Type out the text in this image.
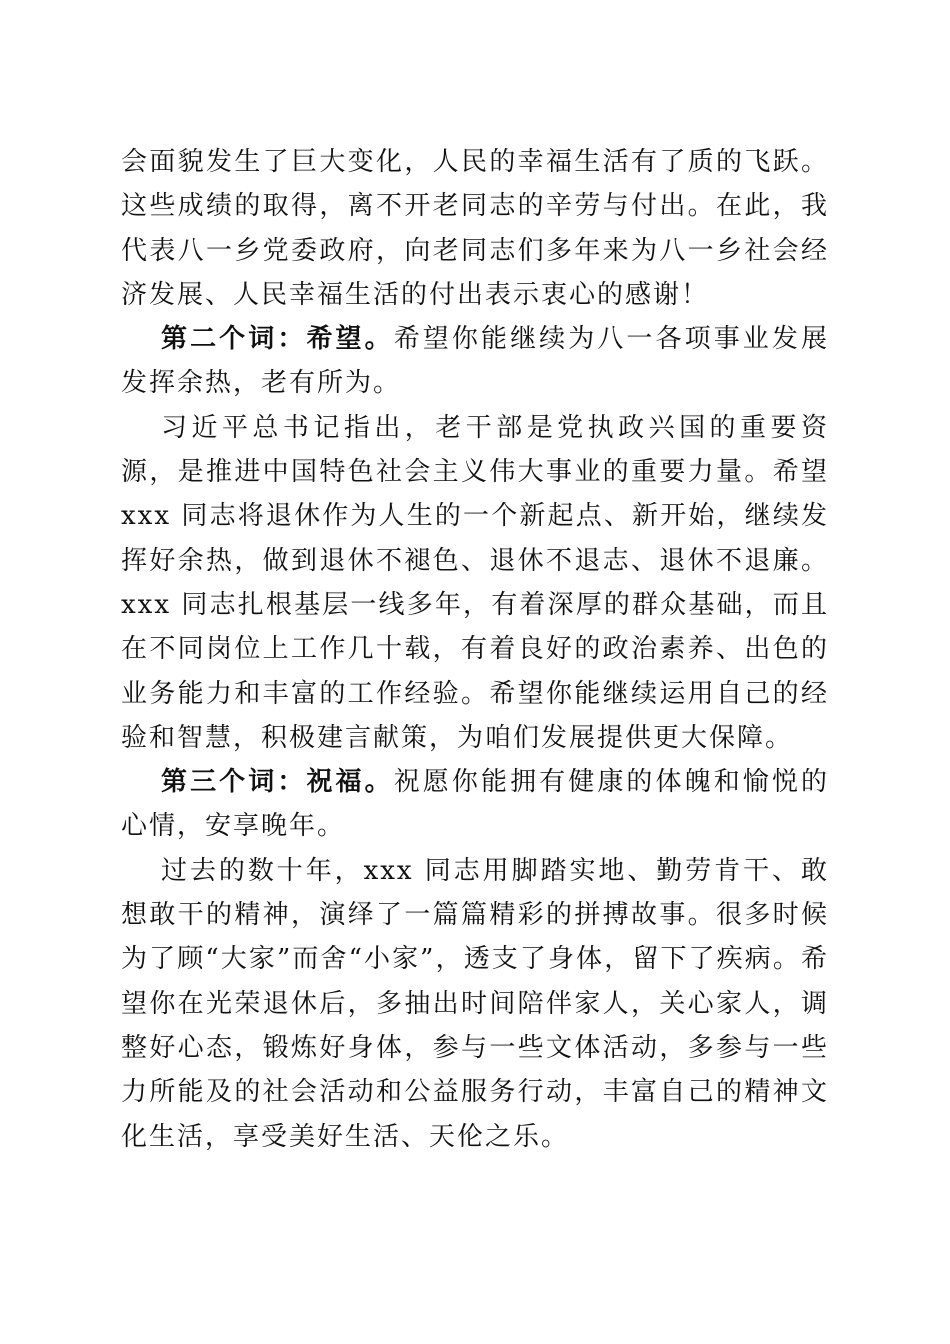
会面貌发生了巨大变化，人民的幸福生活有了质的飞跃。这些成绩的取得，离不开老同志的辛劳与付出。在此，我代表八一乡党委政府，向老同志们多年来为八一乡社会经济发展、人民幸福生活的付出表示衷心的感谢！

第二个词：希望。希望你能继续为八一各项事业发展发挥余热，老有所为。

习近平总书记指出，老干部是党执政兴国的重要资源，是推进中国特色社会主义伟大事业的重要力量。希望 xxx 同志将退休作为人生的一个新起点、新开始，继续发挥好余热，做到退休不褪色、退休不退志、退休不退廉。xxx 同志扎根基层一线多年，有着深厚的群众基础，而且在不同岗位上工作几十载，有着良好的政治素养、出色的业务能力和丰富的工作经验。希望你能继续运用自己的经验和智慧，积极建言献策，为咱们发展提供更大保障。

第三个词：祝福。祝愿你能拥有健康的体魄和愉悦的心情，安享晚年。

过去的数十年，xxx 同志用脚踏实地、勤劳肯干、敢想敢干的精神，演绎了一篇篇精彩的拼搏故事。很多时候为了顾“大家”而舍“小家”，透支了身体，留下了疾病。希望你在光荣退休后，多抽出时间陪伴家人，关心家人，调整好心态，锻炼好身体，参与一些文体活动，多参与一些力所能及的社会活动和公益服务行动，丰富自己的精神文化生活，享受美好生活、天伦之乐。
